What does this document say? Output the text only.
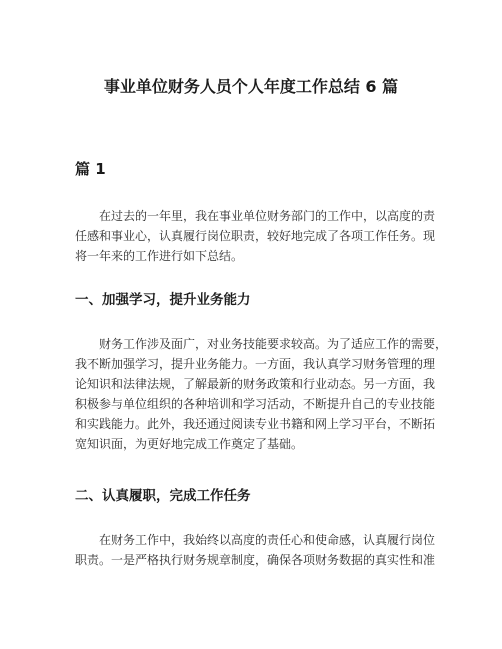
事业单位财务人员个人年度工作总结 6 篇
篇 1

在过去的一年里，我在事业单位财务部门的工作中，以高度的责
任感和事业心，认真履行岗位职责，较好地完成了各项工作任务。现
将一年来的工作进行如下总结。

一、加强学习，提升业务能力

财务工作涉及面广，对业务技能要求较高。为了适应工作的需要，
我不断加强学习，提升业务能力。一方面，我认真学习财务管理的理
论知识和法律法规，了解最新的财务政策和行业动态。另一方面，我
积极参与单位组织的各种培训和学习活动，不断提升自己的专业技能
和实践能力。此外，我还通过阅读专业书籍和网上学习平台，不断拓
宽知识面，为更好地完成工作奠定了基础。

二、认真履职，完成工作任务

在财务工作中，我始终以高度的责任心和使命感，认真履行岗位
职责。一是严格执行财务规章制度，确保各项财务数据的真实性和准
